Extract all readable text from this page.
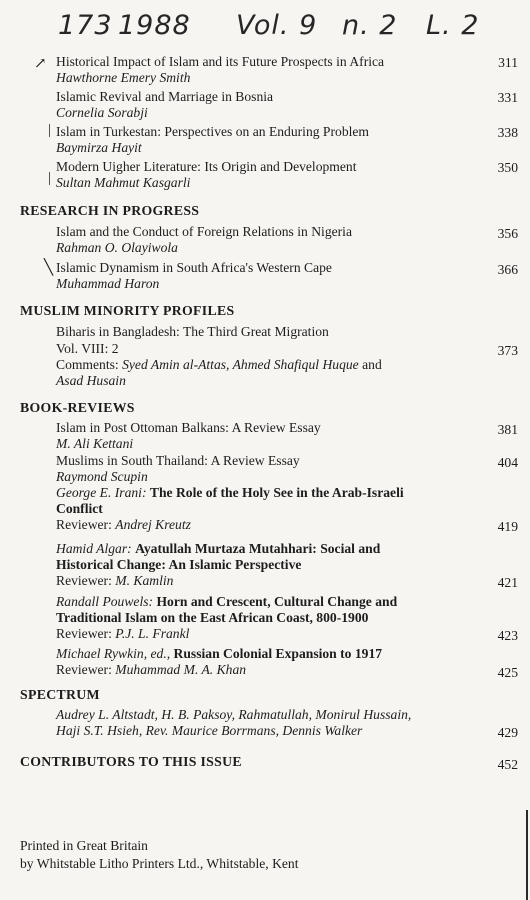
173 1988 Vol. 9 n. 2 L. 2
↗
|
|
╲
Historical Impact of Islam and its Future Prospects in Africa
Hawthorne Emery Smith
311
Islamic Revival and Marriage in Bosnia
Cornelia Sorabji
331
Islam in Turkestan: Perspectives on an Enduring Problem
Baymirza Hayit
338
Modern Uigher Literature: Its Origin and Development
Sultan Mahmut Kasgarli
350
RESEARCH IN PROGRESS
Islam and the Conduct of Foreign Relations in Nigeria
Rahman O. Olayiwola
356
Islamic Dynamism in South Africa's Western Cape
Muhammad Haron
366
MUSLIM MINORITY PROFILES
Biharis in Bangladesh: The Third Great Migration
Vol. VIII: 2	373
Comments: Syed Amin al-Attas, Ahmed Shafiqul Huque and
Asad Husain
BOOK-REVIEWS
Islam in Post Ottoman Balkans: A Review Essay
M. Ali Kettani
381
Muslims in South Thailand: A Review Essay
Raymond Scupin
404
George E. Irani: The Role of the Holy See in the Arab-Israeli
Conflict
Reviewer: Andrej Kreutz	419
Hamid Algar: Ayatullah Murtaza Mutahhari: Social and
Historical Change: An Islamic Perspective
Reviewer: M. Kamlin	421
Randall Pouwels: Horn and Crescent, Cultural Change and
Traditional Islam on the East African Coast, 800-1900
Reviewer: P.J. L. Frankl	423
Michael Rywkin, ed., Russian Colonial Expansion to 1917
Reviewer: Muhammad M. A. Khan	425
SPECTRUM
Audrey L. Altstadt, H. B. Paksoy, Rahmatullah, Monirul Hussain,
Haji S.T. Hsieh, Rev. Maurice Borrmans, Dennis Walker	429
CONTRIBUTORS TO THIS ISSUE	452
Printed in Great Britain
by Whitstable Litho Printers Ltd., Whitstable, Kent
